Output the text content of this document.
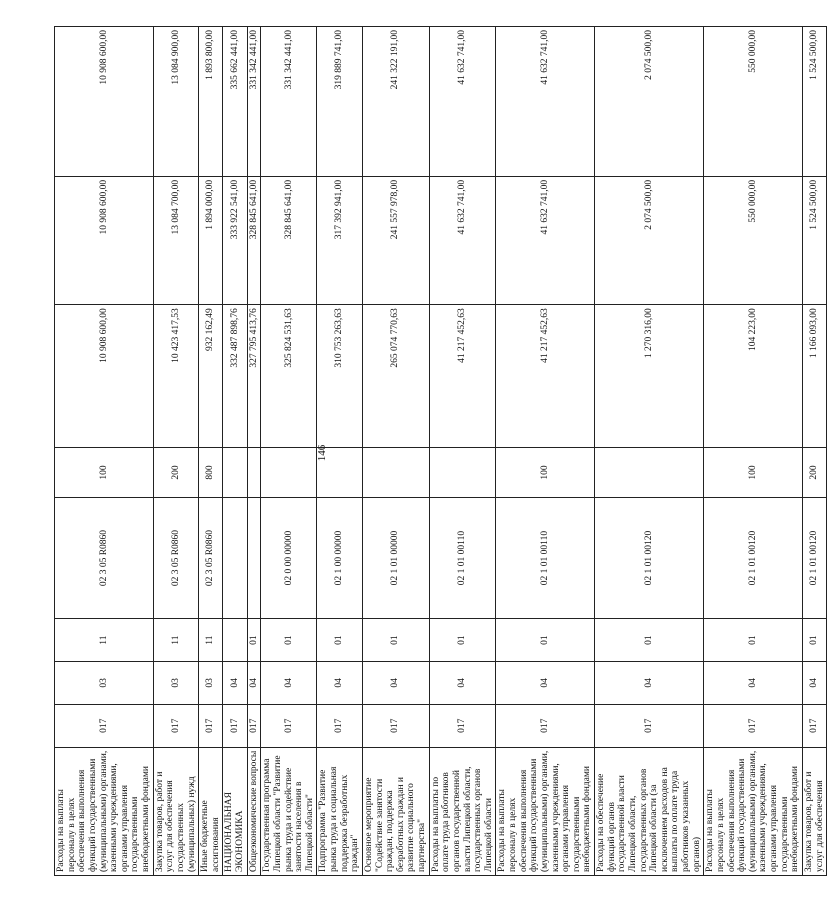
146
Расходы на выплаты персоналу в целях обеспечения выполнения функций государственными (муниципальными) органами, казенными учреждениями, органами управления государственными внебюджетными фондами	017	03	11	02 3 05 R0860	100	10 908 600,00	10 908 600,00	10 908 600,00
Закупка товаров, работ и услуг для обеспечения государственных (муниципальных) нужд	017	03	11	02 3 05 R0860	200	10 423 417,53	13 084 700,00	13 084 900,00
Иные бюджетные ассигнования	017	03	11	02 3 05 R0860	800	932 162,49	1 894 000,00	1 893 800,00
НАЦИОНАЛЬНАЯ ЭКОНОМИКА	017	04				332 487 898,76	333 922 541,00	335 662 441,00
Общеэкономические вопросы	017	04	01			327 795 413,76	328 845 641,00	331 342 441,00
Государственная программа Липецкой области "Развитие рынка труда и содействие занятости населения в Липецкой области"	017	04	01	02 0 00 00000		325 824 531,63	328 845 641,00	331 342 441,00
Подпрограмма "Развитие рынка труда и социальная поддержка безработных граждан"	017	04	01	02 1 00 00000		310 753 263,63	317 392 941,00	319 889 741,00
Основное мероприятие "Содействие занятости граждан, поддержка безработных граждан и развитие социального партнерства"	017	04	01	02 1 01 00000		265 074 770,63	241 557 978,00	241 322 191,00
Расходы на выплаты по оплате труда работников органов государственной власти Липецкой области, государственных органов Липецкой области	017	04	01	02 1 01 00110		41 217 452,63	41 632 741,00	41 632 741,00
Расходы на выплаты персоналу в целях обеспечения выполнения функций государственными (муниципальными) органами, казенными учреждениями, органами управления государственными внебюджетными фондами	017	04	01	02 1 01 00110	100	41 217 452,63	41 632 741,00	41 632 741,00
Расходы на обеспечение функций органов государственной власти Липецкой области, государственных органов Липецкой области (за исключением расходов на выплаты по оплате труда работников указанных органов)	017	04	01	02 1 01 00120		1 270 316,00	2 074 500,00	2 074 500,00
Расходы на выплаты персоналу в целях обеспечения выполнения функций государственными (муниципальными) органами, казенными учреждениями, органами управления государственными внебюджетными фондами	017	04	01	02 1 01 00120	100	104 223,00	550 000,00	550 000,00
Закупка товаров, работ и услуг для обеспечения	017	04	01	02 1 01 00120	200	1 166 093,00	1 524 500,00	1 524 500,00
